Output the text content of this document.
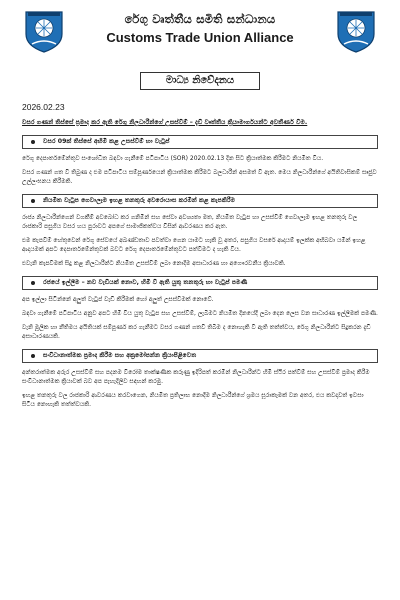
රේගු වෘත්තීය සමිති සන්ධානය
Customs Trade Union Alliance
මාධ්‍ය නිවේදනය
2026.02.23
වසර ගණන් තිස්සේ ප්‍රමාද කර ඇති රේගු නිලධාරීන්ගේ උසස්වීම් – දැඩි වෘත්තීය ක්‍රියාමාර්ගයන්ට අවතීර්ණ වීම.
වසර 09ක් තිස්සේ අහිමි කළ උසස්වීම් හා වැටුප්
රේගු දෙපාර්තමේන්තුව සංශෝධිත බඳවා ගැනීමේ පටිපාටිය (SOR) 2020.02.13 දින සිට ක්‍රියාත්මක කිරීමට නියමිත විය.
වසර ගණන් ගත වී තිබුණ ද එම පටිපාටිය සම්පූර්ණයෙන් ක්‍රියාත්මක කිරීමට බලධාරීන් අසමත් වී ඇත. මෙය නිලධාරීන්ගේ අයිතිවාසිකම් සෘජුව උල්ලංඝනය කිරීමකි.
නියමිත වැටුප ගෙවාලෑම ඉහළ තනතුරු අවරොයාස කරමින් කළ කැපකිරීම
රාජ්‍ය නිලධාරීන්ගෙන් වගකීම් අවබෝධ කර ගනිමින් සහ සේවා අවශ්‍යතා මත, නියමිත වැටුප හා උසස්වීම් ගෙවාලෑම ඉහළ තනතුරු වල රාජකාරි පසුගිය වසර හය පුරාවට අපගේ සාමාජිකත්වය විසින් ආවරණය කර ඇත.
එම කැපවීම් හේතුවෙන් රේගු සේවයේ අඛණ්ඩතාව පවත්වා ගෙන යාමට හැකි වූ අතර, පසුගිය වසරේ ආදායම් ඉලක්ක අභිබවා යමින් ඉහළ ආදායමක් අපට දෙපාර්තමේන්තුවක් බවට රේගු දෙපාර්තමේන්තුවට පත්වීමට ද හැකි විය.
එවැනි කැපවීමක් සිදු කළ නිලධාරීන්ට නියමිත උසස්වීම් ලබා නොදීම අසාධාරණ හා අගෞරවනීය ක්‍රියාවකි.
රජයේ ඉල්ලීම – නව වැඩියක් නොව, හිමි වී ඇති යුතු තනතුරු හා වැටුප් පමණි
අප ඉල්ලා සිටින්නේ අලුත් වැටුප් වැඩි කිරීමක් හෝ අලුත් උසස්වීමක් නොවේ.
බඳවා ගැනීමේ පටිපාටිය අනුව අපට හිමි විය යුතු වැටුප සහ උසස්වීම්, ලැබීමට නියමිත දිනයේදී ලබා දෙන ලෙස වන සාධාරණ ඉල්ලීමක් පමණි.
වැනි මූලික හා නීතිමය අයිතියක් සම්පූර්ණ කර ගැනීමට වසර ගණන් ගතවී තිබීම ද නොහැකි වී ඇති තත්ත්වය, රේගු නිලධාරීන්ට සිදුකරන දැඩි අසාධාරණයකි.
සංවිධානාත්මක ප්‍රමාද කිරීම සහ අක්‍රමෝපන්න ක්‍රියාපිළිවෙත
අන්තරාත්මක අරුර උසස්වීම් සහ පදනම විරෝම තාක්ෂණික කරුණු ඉදිරිපත් කරමින් නිලධාරීන්ට හිමි ස්ථිර පත්වීම් සහ උසස්වීම් ප්‍රමාද කිරීම සංවිධානාත්මක ක්‍රියාවක් බව අප පැහැදිලිව සඳහන් කරමු.
ඉහළ තනතුරු වල රාජකාරි ආවරණය කරවාගෙන, නියමිත ප්‍රතිලාභ නොදීම නිලධාරීන්ගේ ශ්‍රමය සූරාකෑමක් වන අතර, එය කවදාවත් ඉවසා සිටිය නොහැකි තත්ත්වයකි.
